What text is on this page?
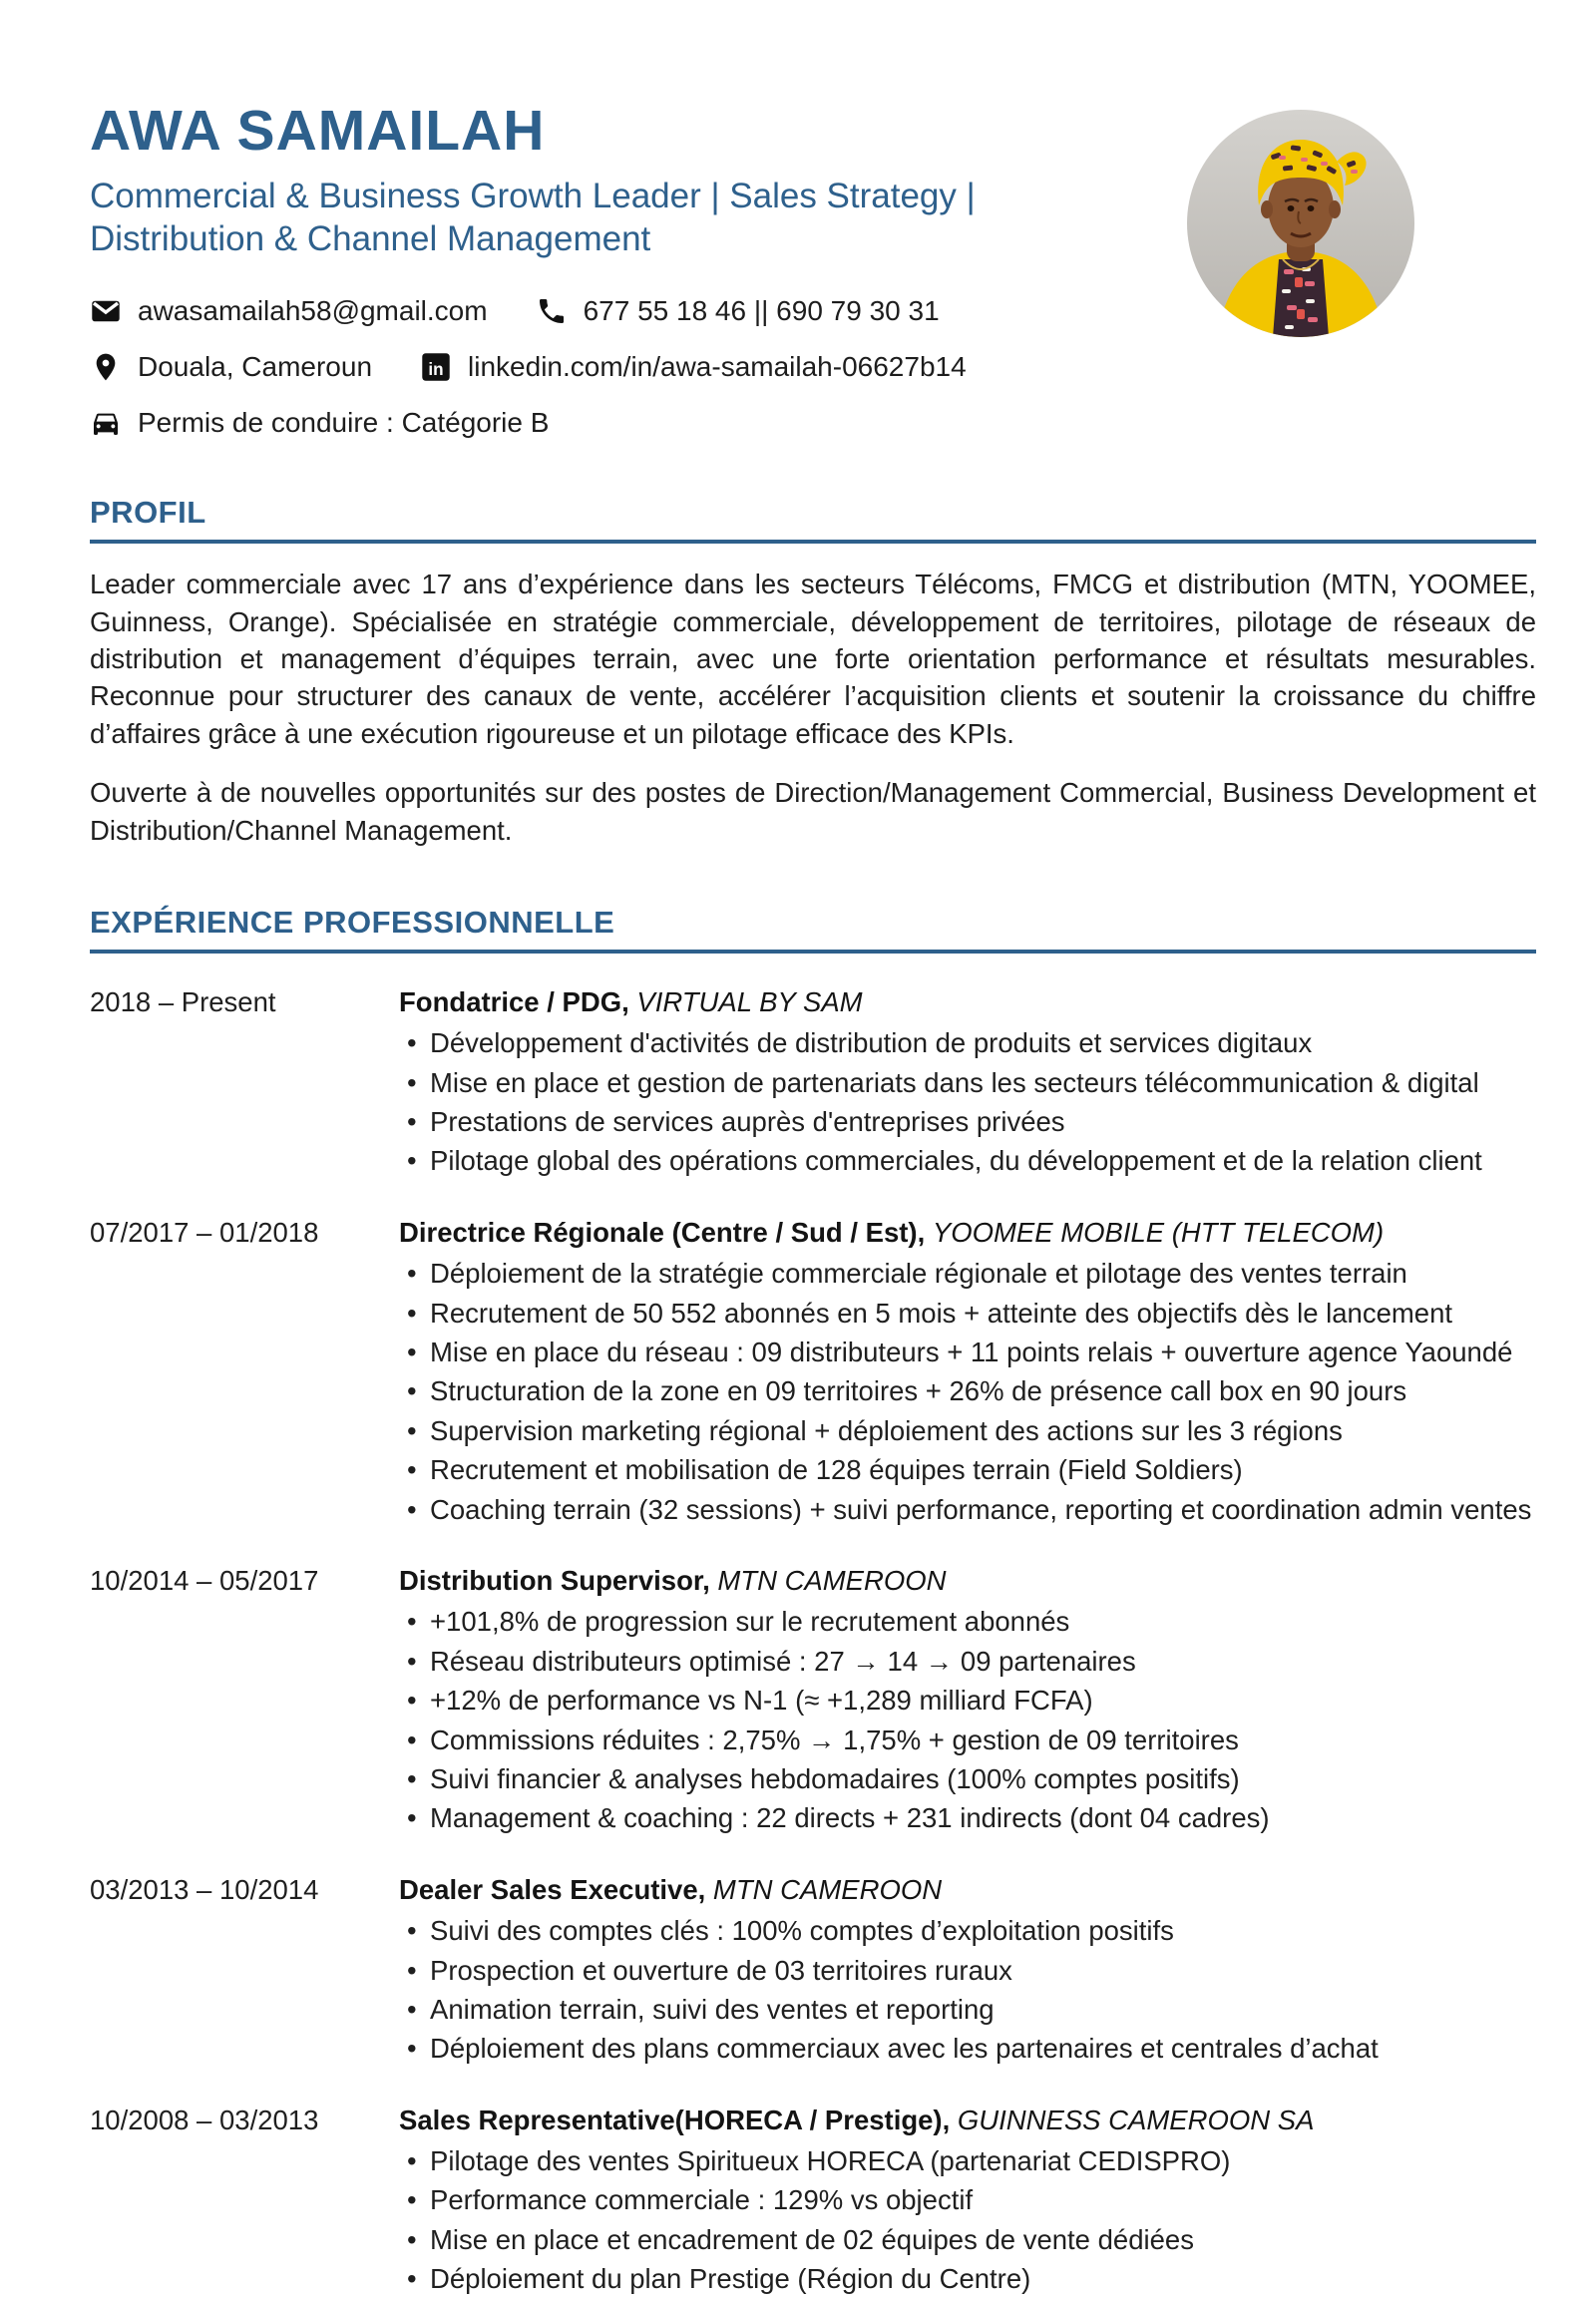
AWA SAMAILAH
Commercial & Business Growth Leader | Sales Strategy |
Distribution & Channel Management
awasamailah58@gmail.com	677 55 18 46 || 690 79 30 31
Douala, Cameroun	in linkedin.com/in/awa-samailah-06627b14
Permis de conduire : Catégorie B
PROFIL

Leader commerciale avec 17 ans d’expérience dans les secteurs Télécoms, FMCG et distribution (MTN, YOOMEE, Guinness, Orange). Spécialisée en stratégie commerciale, développement de territoires, pilotage de réseaux de distribution et management d’équipes terrain, avec une forte orientation performance et résultats mesurables. Reconnue pour structurer des canaux de vente, accélérer l’acquisition clients et soutenir la croissance du chiffre d’affaires grâce à une exécution rigoureuse et un pilotage efficace des KPIs.

Ouverte à de nouvelles opportunités sur des postes de Direction/Management Commercial, Business Development et Distribution/Channel Management.

EXPÉRIENCE PROFESSIONNELLE
2018 – Present	Fondatrice / PDG, VIRTUAL BY SAM
• Développement d'activités de distribution de produits et services digitaux
• Mise en place et gestion de partenariats dans les secteurs télécommunication & digital
• Prestations de services auprès d'entreprises privées
• Pilotage global des opérations commerciales, du développement et de la relation client
07/2017 – 01/2018	Directrice Régionale (Centre / Sud / Est), YOOMEE MOBILE (HTT TELECOM)
• Déploiement de la stratégie commerciale régionale et pilotage des ventes terrain
• Recrutement de 50 552 abonnés en 5 mois + atteinte des objectifs dès le lancement
• Mise en place du réseau : 09 distributeurs + 11 points relais + ouverture agence Yaoundé
• Structuration de la zone en 09 territoires + 26% de présence call box en 90 jours
• Supervision marketing régional + déploiement des actions sur les 3 régions
• Recrutement et mobilisation de 128 équipes terrain (Field Soldiers)
• Coaching terrain (32 sessions) + suivi performance, reporting et coordination admin ventes
10/2014 – 05/2017	Distribution Supervisor, MTN CAMEROON
• +101,8% de progression sur le recrutement abonnés
• Réseau distributeurs optimisé : 27 → 14 → 09 partenaires
• +12% de performance vs N-1 (≈ +1,289 milliard FCFA)
• Commissions réduites : 2,75% → 1,75% + gestion de 09 territoires
• Suivi financier & analyses hebdomadaires (100% comptes positifs)
• Management & coaching : 22 directs + 231 indirects (dont 04 cadres)
03/2013 – 10/2014	Dealer Sales Executive, MTN CAMEROON
• Suivi des comptes clés : 100% comptes d’exploitation positifs
• Prospection et ouverture de 03 territoires ruraux
• Animation terrain, suivi des ventes et reporting
• Déploiement des plans commerciaux avec les partenaires et centrales d’achat
10/2008 – 03/2013	Sales Representative(HORECA / Prestige), GUINNESS CAMEROON SA
• Pilotage des ventes Spiritueux HORECA (partenariat CEDISPRO)
• Performance commerciale : 129% vs objectif
• Mise en place et encadrement de 02 équipes de vente dédiées
• Déploiement du plan Prestige (Région du Centre)
